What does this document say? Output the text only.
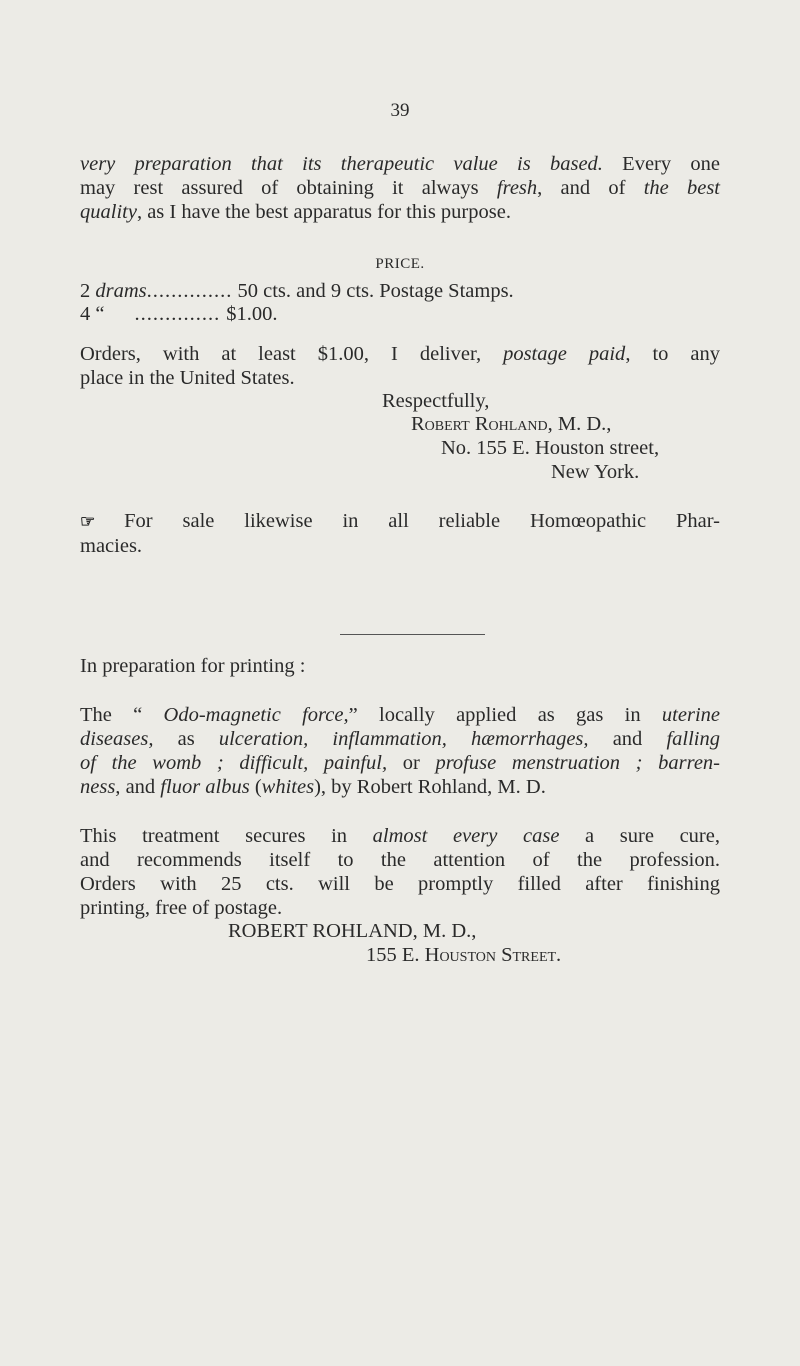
39

very preparation that its therapeutic value is based. Every one
may rest assured of obtaining it always fresh, and of the best
quality, as I have the best apparatus for this purpose.

PRICE.
2 drams.............. 50 cts. and 9 cts. Postage Stamps.
4 “ .............. $1.00.

Orders, with at least $1.00, I deliver, postage paid, to any
place in the United States.

Respectfully,
Robert Rohland, M. D.,
No. 155 E. Houston street,
New York.

☞ For sale likewise in all reliable Homœopathic Phar-
macies.

In preparation for printing :

The “ Odo-magnetic force,” locally applied as gas in uterine
diseases, as ulceration, inflammation, hæmorrhages, and falling
of the womb ; difficult, painful, or profuse menstruation ; barren-
ness, and fluor albus (whites), by Robert Rohland, M. D.

This treatment secures in almost every case a sure cure,
and recommends itself to the attention of the profession.
Orders with 25 cts. will be promptly filled after finishing
printing, free of postage.

ROBERT ROHLAND, M. D.,
155 E. Houston Street.
